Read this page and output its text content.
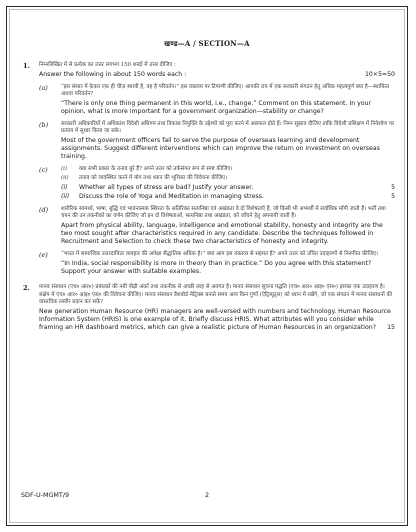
खण्ड—A / SECTION—A
1. निम्नलिखित में से प्रत्येक का उत्तर लगभग 150 शब्दों में उत्तर दीजिए :
10×5=50
Answer the following in about 150 words each :
(a) “इस संसार में केवल एक ही चीज़ स्थायी है, वह है परिवर्तन।” इस वक्तव्य पर टिप्पणी कीजिए। आपकी राय में एक सरकारी संगठन हेतु अधिक महत्वपूर्ण क्या है—स्थायित्व अथवा परिवर्तन?
“There is only one thing permanent in this world, i.e., change.” Comment on this statement. In your opinion, what is more important for a government organization—stability or change?
(b) सरकारी अधिकारियों में अधिकांश विदेशी अधिगम तथा विकास नियुक्ति के उद्देश्यों को पूरा करने में असफल होते हैं। निम्न सुझाव दीजिए ताकि विदेशी प्रशिक्षण में निवेशोण पर प्रत्याय में सुधार किया जा सके।
Most of the government officers fail to serve the purpose of overseas learning and development assignments. Suggest different interventions which can improve the return on investment on overseas training.
(c) (i) क्या सभी प्रकार के तनाव बुरे हैं? अपने उत्तर को तर्कसंगत रूप से स्पष्ट कीजिए।
(ii) तनाव को व्यवस्थित करने में योग तथा ध्यान की भूमिका की विवेचना कीजिए।
(i)	5
Whether all types of stress are bad? Justify your answer.
(ii)	5
Discuss the role of Yoga and Meditation in managing stress.
(d) शारीरिक सामर्थ्य, भाषा, बुद्धि एवं भावनात्मक स्थिरता के अतिरिक्त सत्यनिष्ठा एवं अखंडता वे दो विशेषताएँ हैं, जो किसी भी अभ्यर्थी में सर्वाधिक माँगी जाती हैं। भर्ती तथा चयन की उन तकनीकों का वर्णन कीजिए जो इन दो विशेषताओं, सत्यनिष्ठा तथा अखंडता, को जाँचने हेतु अपनायी जाती हैं।
Apart from physical ability, language, intelligence and emotional stability, honesty and integrity are the two most sought after characteristics required in any candidate. Describe the techniques followed in Recruitment and Selection to check these two characteristics of honesty and integrity.
(e) “भारत में सामाजिक उत्तरदायित्व व्यवहार की अपेक्षा सैद्धांतिक अधिक है।” क्या आप इस वक्तव्य से सहमत हैं? अपने उत्तर को उचित उदाहरणों से निरूपित कीजिए।
“In India, social responsibility is more in theory than in practice.” Do you agree with this statement? Support your answer with suitable examples.
2. मानव संसाधन (एच० आर०) प्रबंधकों की नयी पीढ़ी अंकों तथा तकनीक से अच्छी तरह से अवगत है। मानव संसाधन सूचना पद्धति (एच० आर० आइ० एस०) इसका एक उदाहरण है। संक्षेप में एच० आर० आइ० एस० की विवेचना कीजिए। मानव संसाधन डैशबोर्ड मेट्रिक्स बनाते समय आप किन गुणों (ऐट्रिब्यूट्स) को ध्यान में रखेंगे, जो एक संगठन में मानव संसाधनों की वास्तविक तस्वीर प्रदान कर सकें?
New generation Human Resource (HR) managers are well-versed with numbers and technology. Human Resource Information System (HRIS) is one example of it. Briefly discuss HRIS. What attributes will you consider while framing an HR dashboard metrics, which can give a realistic picture of Human Resources in an organization? 15
SDF-U-MGMT/9	2
